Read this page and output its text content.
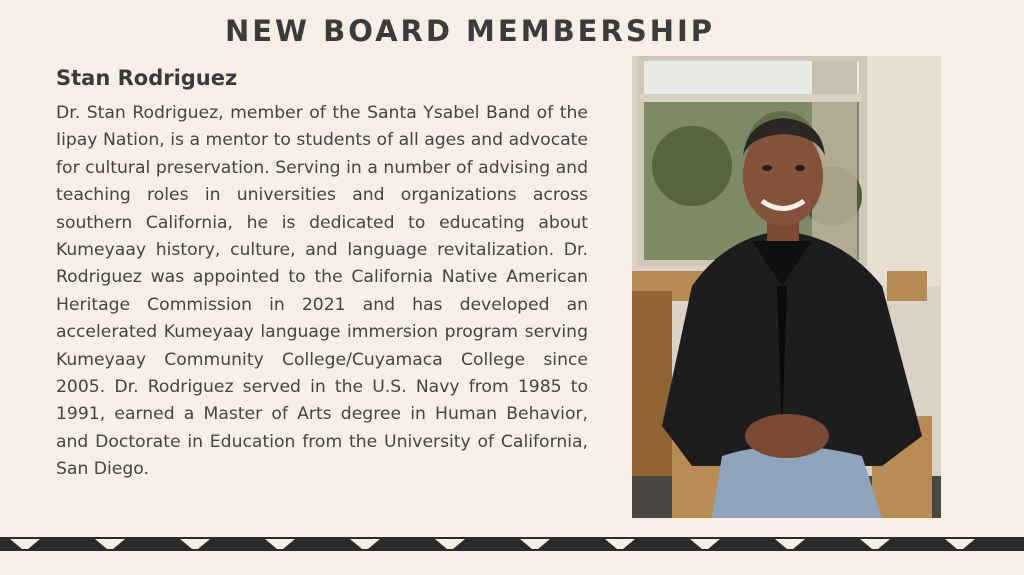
NEW BOARD MEMBERSHIP
Stan Rodriguez
Dr. Stan Rodriguez, member of the Santa Ysabel Band of the Iipay Nation, is a mentor to students of all ages and advocate for cultural preservation. Serving in a number of advising and teaching roles in universities and organizations across southern California, he is dedicated to educating about Kumeyaay history, culture, and language revitalization. Dr. Rodriguez was appointed to the California Native American Heritage Commission in 2021 and has developed an accelerated Kumeyaay language immersion program serving Kumeyaay Community College/Cuyamaca College since 2005. Dr. Rodriguez served in the U.S. Navy from 1985 to 1991, earned a Master of Arts degree in Human Behavior, and Doctorate in Education from the University of California, San Diego.
